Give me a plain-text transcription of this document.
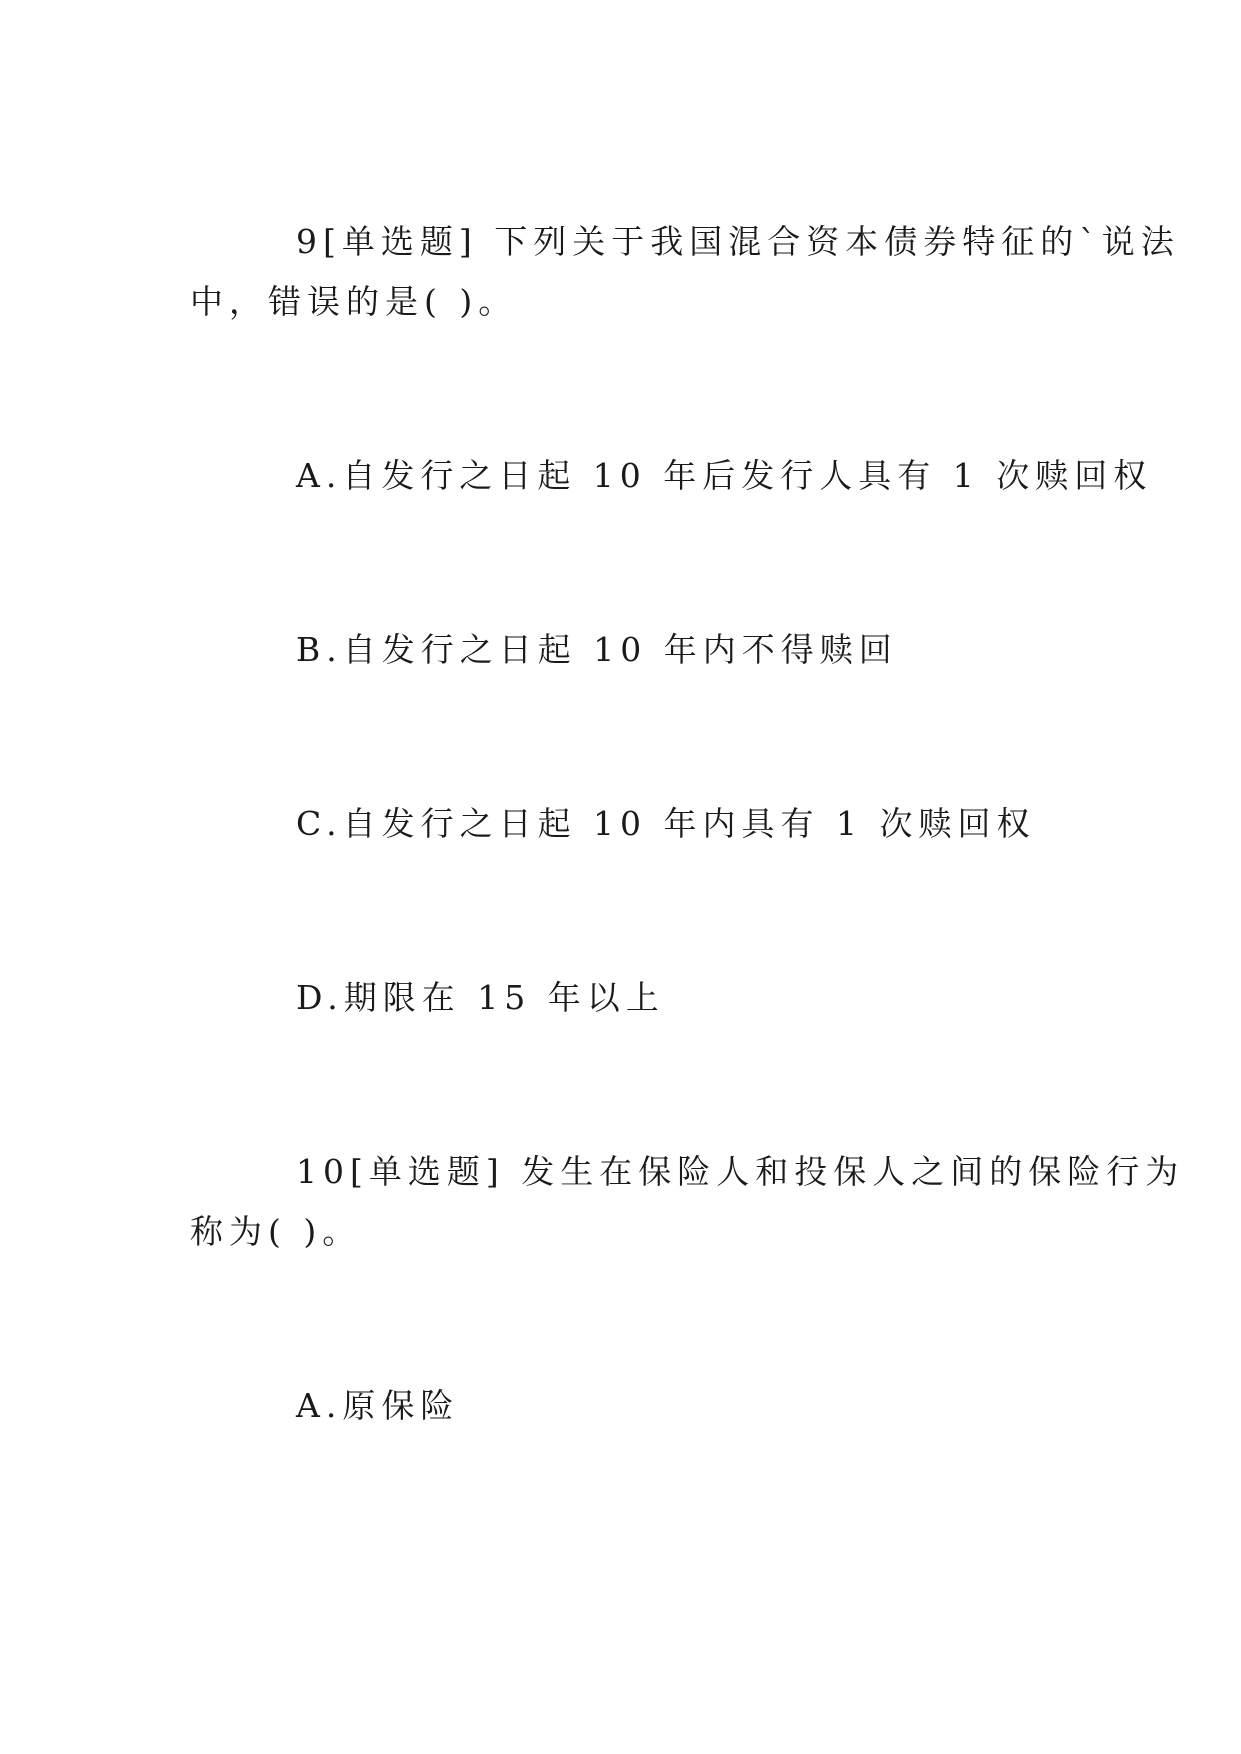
9[单选题] 下列关于我国混合资本债券特征的`说法
中，错误的是( )。
A.自发行之日起 10 年后发行人具有 1 次赎回权
B.自发行之日起 10 年内不得赎回
C.自发行之日起 10 年内具有 1 次赎回权
D.期限在 15 年以上
10[单选题] 发生在保险人和投保人之间的保险行为
称为( )。
A.原保险
